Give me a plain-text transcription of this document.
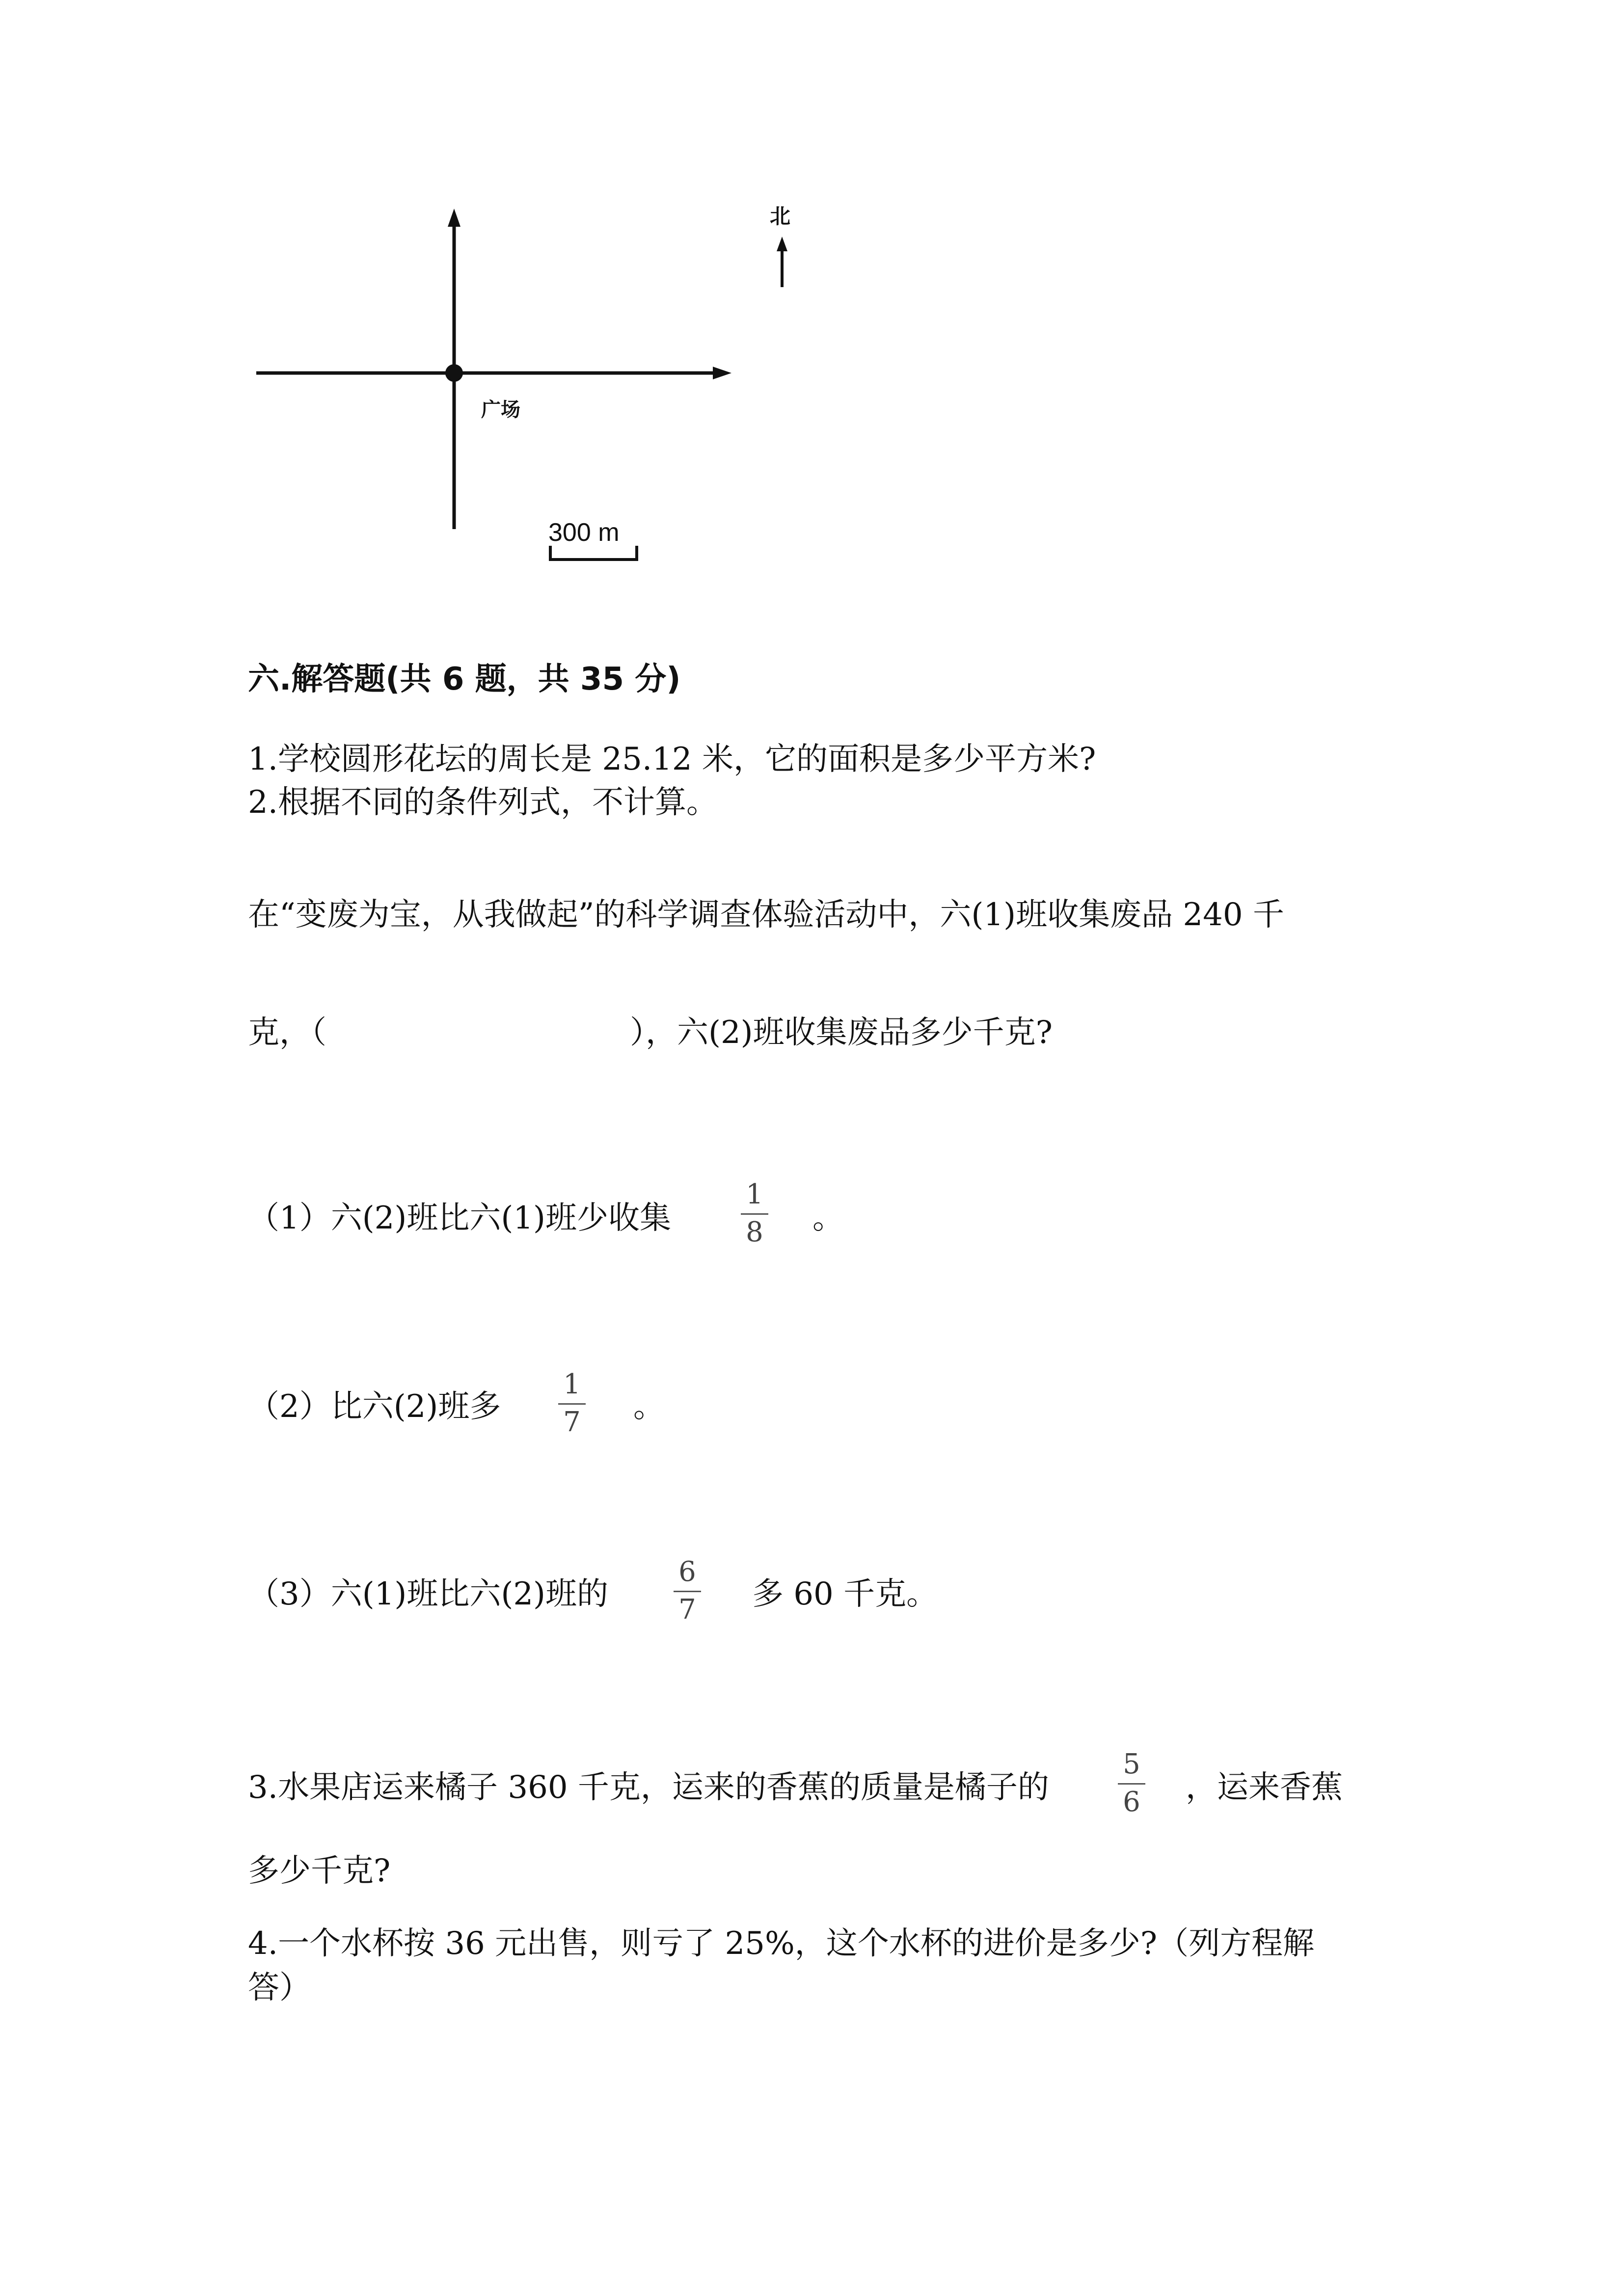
北
广场
300 m
六.解答题(共 6 题，共 35 分)
1.学校圆形花坛的周长是 25.12 米，它的面积是多少平方米?
2.根据不同的条件列式，不计算。
在“变废为宝，从我做起”的科学调查体验活动中，六(1)班收集废品 240 千
克，（	），六(2)班收集废品多少千克?
（1）六(2)班比六(1)班少收集
1
8 。
（2）比六(2)班多
1
7 。
（3）六(1)班比六(2)班的
6
7 多 60 千克。
3.水果店运来橘子 360 千克，运来的香蕉的质量是橘子的
5
6 ，运来香蕉
多少千克?
4.一个水杯按 36 元出售，则亏了 25%，这个水杯的进价是多少?（列方程解
答）
